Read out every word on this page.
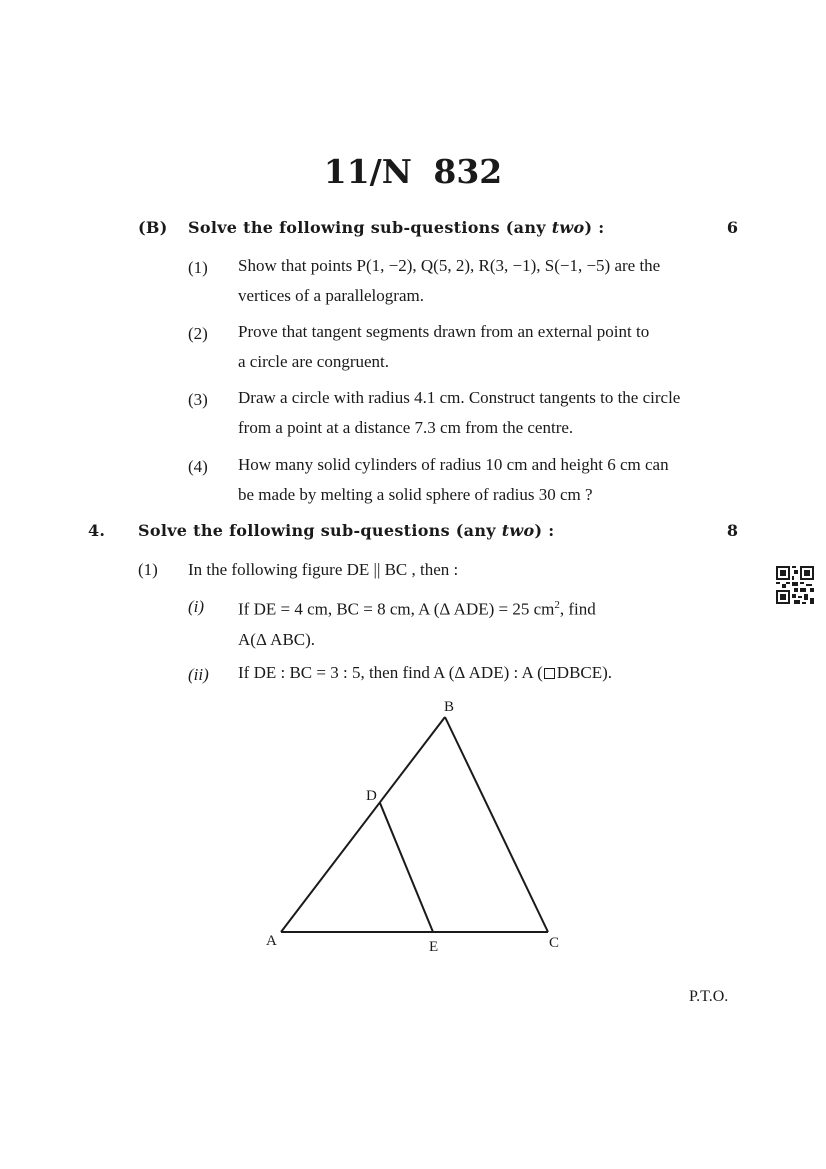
11/N 832
(B) Solve the following sub-questions (any two) :	6
(1) Show that points P(1, −2), Q(5, 2), R(3, −1), S(−1, −5) are the
vertices of a parallelogram.
(2) Prove that tangent segments drawn from an external point to
a circle are congruent.
(3) Draw a circle with radius 4.1 cm. Construct tangents to the circle
from a point at a distance 7.3 cm from the centre.
(4) How many solid cylinders of radius 10 cm and height 6 cm can
be made by melting a solid sphere of radius 30 cm ?
4. Solve the following sub-questions (any two) :	8
(1) In the following figure DE || BC , then :
(i) If DE = 4 cm, BC = 8 cm, A (Δ ADE) = 25 $cm^2$, find
A(Δ ABC).
(ii) If DE : BC = 3 : 5, then find A (Δ ADE) : A ( DBCE).
B
D
A	E	C
P.T.O.
